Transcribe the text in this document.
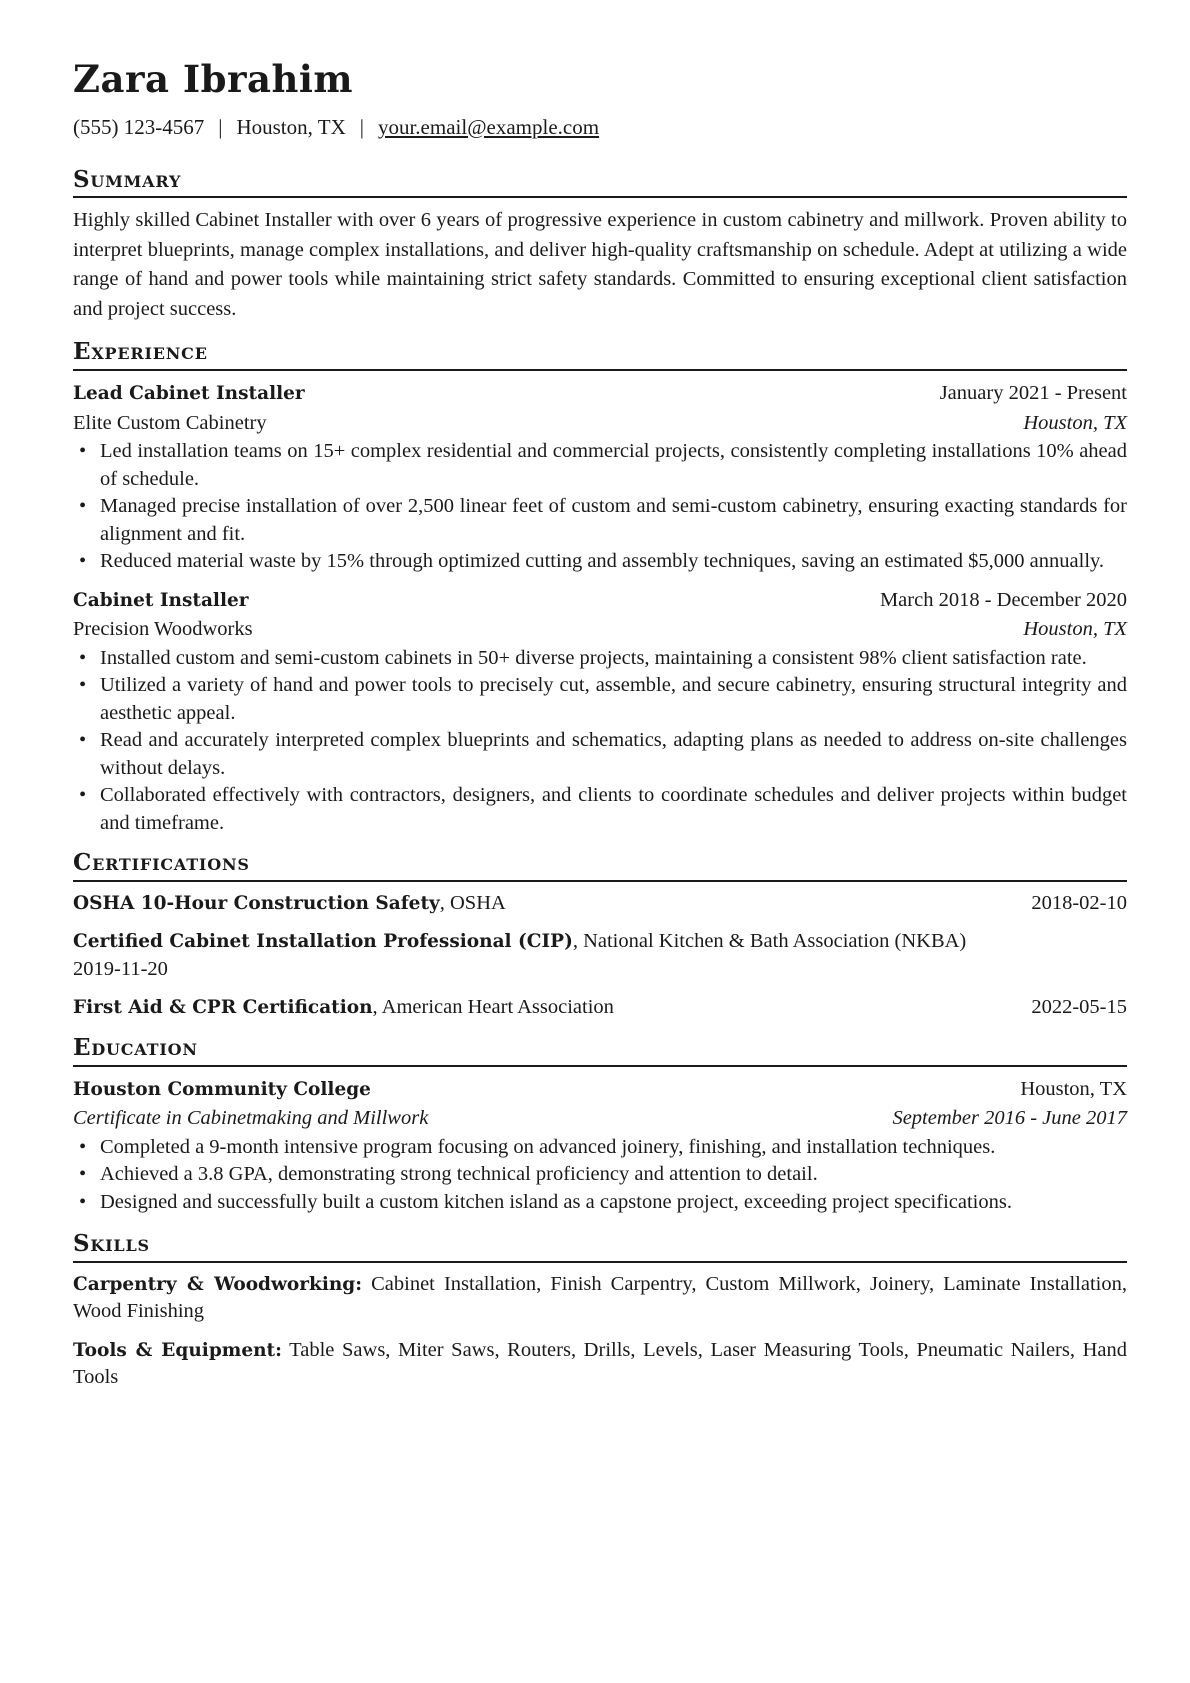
Zara Ibrahim
(555) 123-4567 | Houston, TX | your.email@example.com
Summary

Highly skilled Cabinet Installer with over 6 years of progressive experience in custom cabinetry and millwork. Proven ability to interpret blueprints, manage complex installations, and deliver high-quality craftsmanship on schedule. Adept at utilizing a wide range of hand and power tools while maintaining strict safety standards. Committed to ensuring exceptional client satisfaction and project success.

Experience
Lead Cabinet Installer	January 2021 - Present
Elite Custom Cabinetry	Houston, TX
• Led installation teams on 15+ complex residential and commercial projects, consistently completing installations 10% ahead of schedule.
• Managed precise installation of over 2,500 linear feet of custom and semi-custom cabinetry, ensuring exacting standards for alignment and fit.
• Reduced material waste by 15% through optimized cutting and assembly techniques, saving an estimated $5,000 annually.
Cabinet Installer	March 2018 - December 2020
Precision Woodworks	Houston, TX
• Installed custom and semi-custom cabinets in 50+ diverse projects, maintaining a consistent 98% client satisfaction rate.
• Utilized a variety of hand and power tools to precisely cut, assemble, and secure cabinetry, ensuring structural integrity and aesthetic appeal.
• Read and accurately interpreted complex blueprints and schematics, adapting plans as needed to address on-site challenges without delays.
• Collaborated effectively with contractors, designers, and clients to coordinate schedules and deliver projects within budget and timeframe.
Certifications
OSHA 10-Hour Construction Safety, OSHA	2018-02-10
Certified Cabinet Installation Professional (CIP), National Kitchen & Bath Association (NKBA)
2019-11-20
First Aid & CPR Certification, American Heart Association	2022-05-15
Education
Houston Community College	Houston, TX
Certificate in Cabinetmaking and Millwork	September 2016 - June 2017
• Completed a 9-month intensive program focusing on advanced joinery, finishing, and installation techniques.
• Achieved a 3.8 GPA, demonstrating strong technical proficiency and attention to detail.
• Designed and successfully built a custom kitchen island as a capstone project, exceeding project specifications.
Skills
Carpentry & Woodworking: Cabinet Installation, Finish Carpentry, Custom Millwork, Joinery, Laminate Installation, Wood Finishing
Tools & Equipment: Table Saws, Miter Saws, Routers, Drills, Levels, Laser Measuring Tools, Pneumatic Nailers, Hand Tools
